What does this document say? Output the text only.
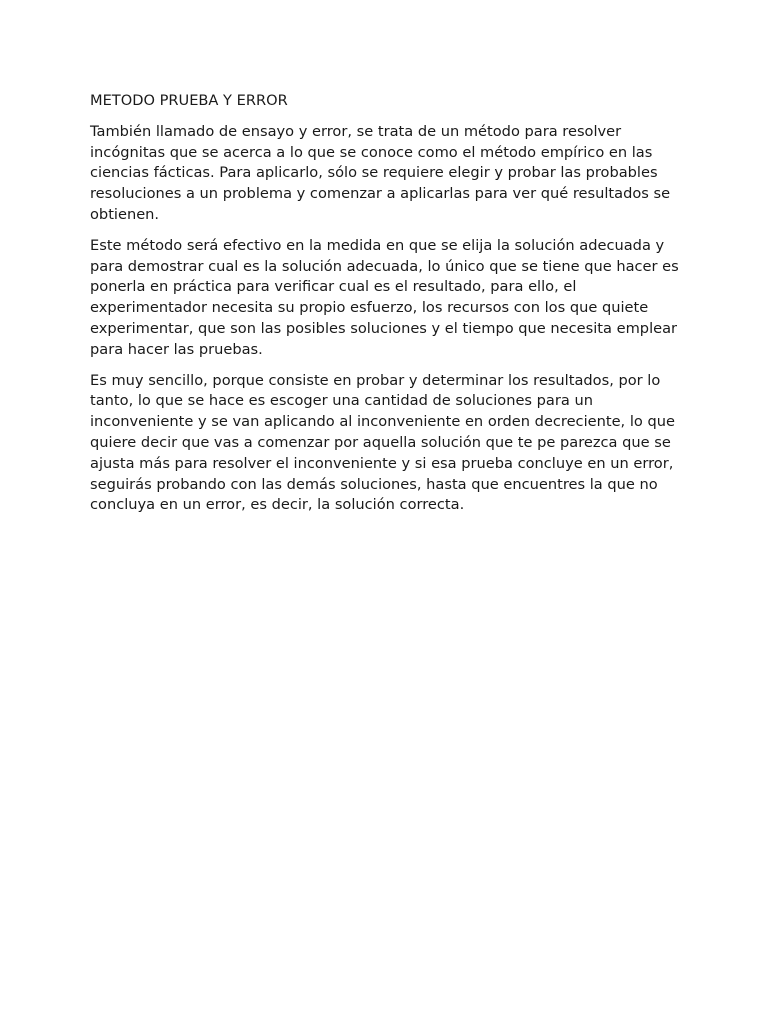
METODO PRUEBA Y ERROR

También llamado de ensayo y error, se trata de un método para resolver incógnitas que se acerca a lo que se conoce como el método empírico en las ciencias fácticas. Para aplicarlo, sólo se requiere elegir y probar las probables resoluciones a un problema y comenzar a aplicarlas para ver qué resultados se obtienen.

Este método será efectivo en la medida en que se elija la solución adecuada y para demostrar cual es la solución adecuada, lo único que se tiene que hacer es ponerla en práctica para verificar cual es el resultado, para ello, el experimentador necesita su propio esfuerzo, los recursos con los que quiete experimentar, que son las posibles soluciones y el tiempo que necesita emplear para hacer las pruebas.

Es muy sencillo, porque consiste en probar y determinar los resultados, por lo tanto, lo que se hace es escoger una cantidad de soluciones para un inconveniente y se van aplicando al inconveniente en orden decreciente, lo que quiere decir que vas a comenzar por aquella solución que te pe parezca que se ajusta más para resolver el inconveniente y si esa prueba concluye en un error, seguirás probando con las demás soluciones, hasta que encuentres la que no concluya en un error, es decir, la solución correcta.
